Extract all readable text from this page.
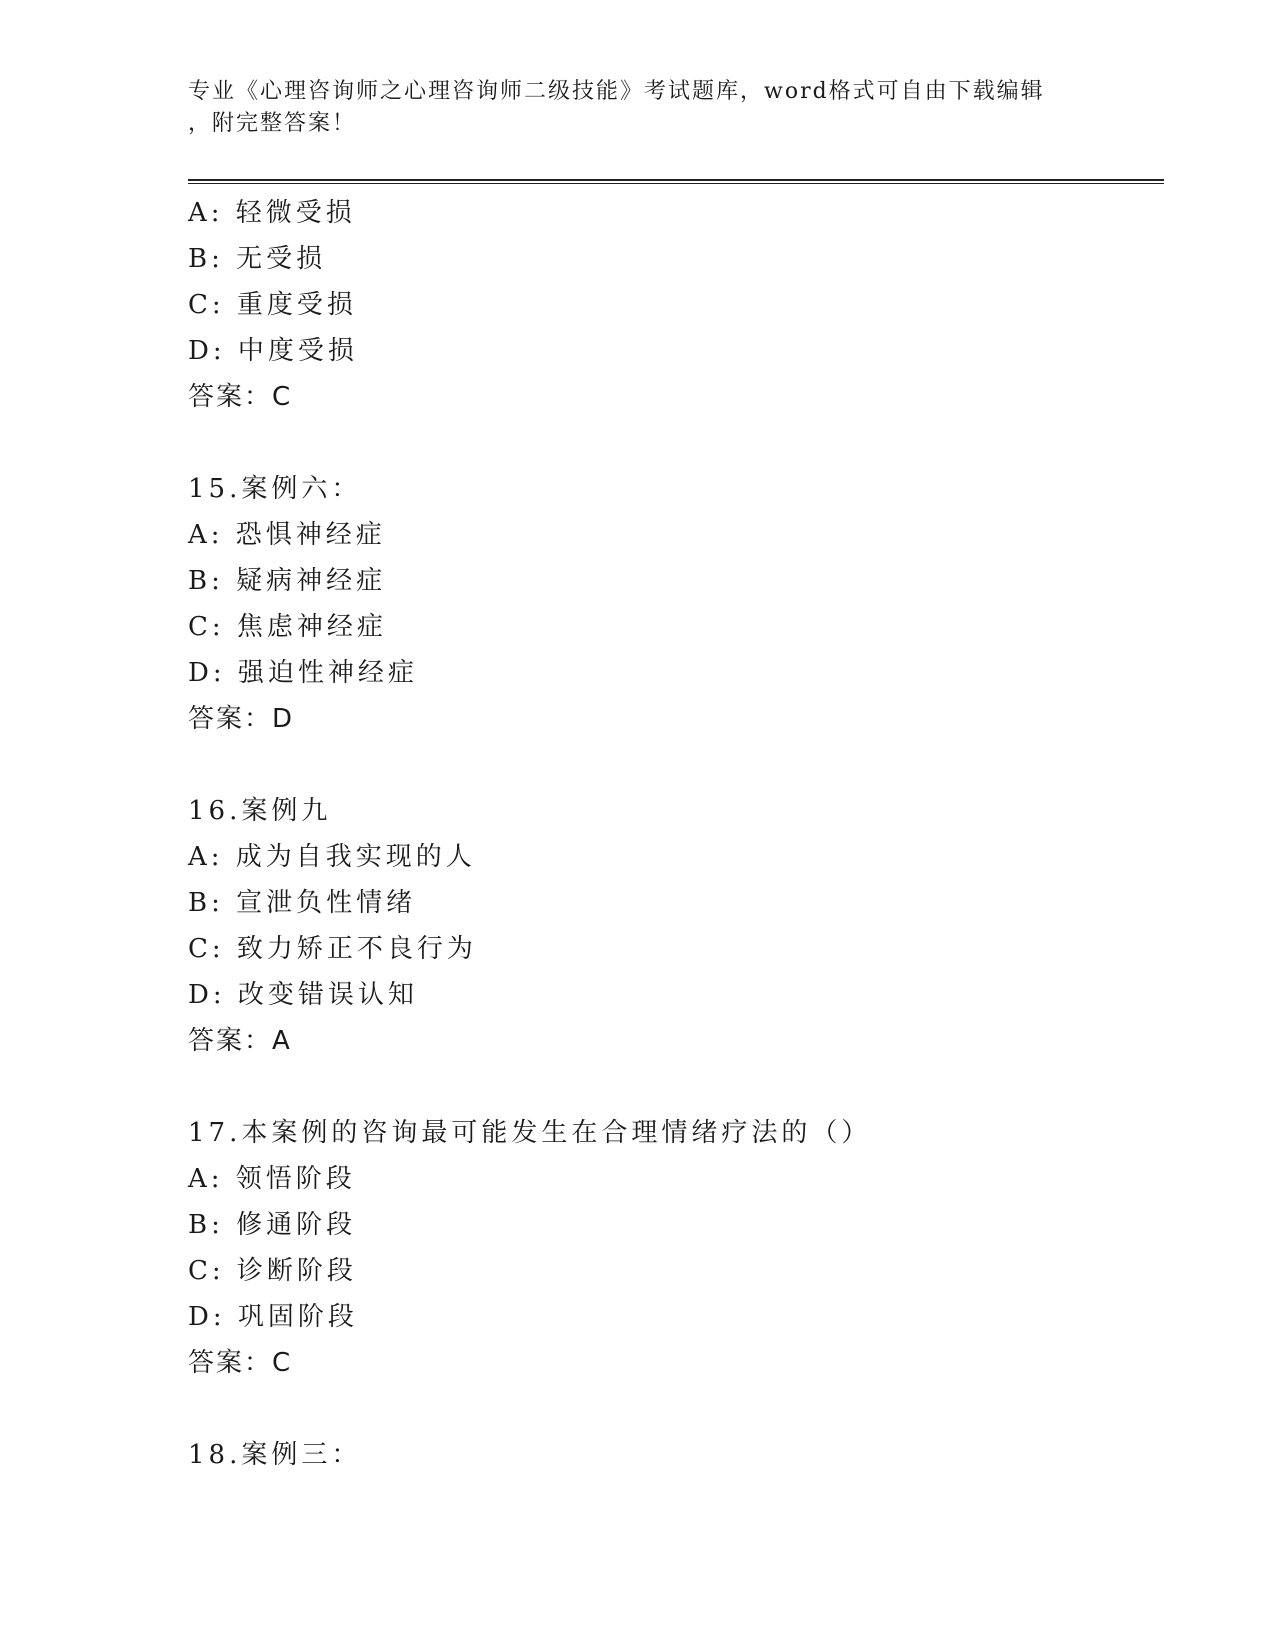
专业《心理咨询师之心理咨询师二级技能》考试题库，word格式可自由下载编辑
，附完整答案！
A: 轻微受损
B: 无受损
C: 重度受损
D: 中度受损
答案：C
15.案例六：
A: 恐惧神经症
B: 疑病神经症
C: 焦虑神经症
D: 强迫性神经症
答案：D
16.案例九
A: 成为自我实现的人
B: 宣泄负性情绪
C: 致力矫正不良行为
D: 改变错误认知
答案：A
17.本案例的咨询最可能发生在合理情绪疗法的（）
A: 领悟阶段
B: 修通阶段
C: 诊断阶段
D: 巩固阶段
答案：C
18.案例三：
